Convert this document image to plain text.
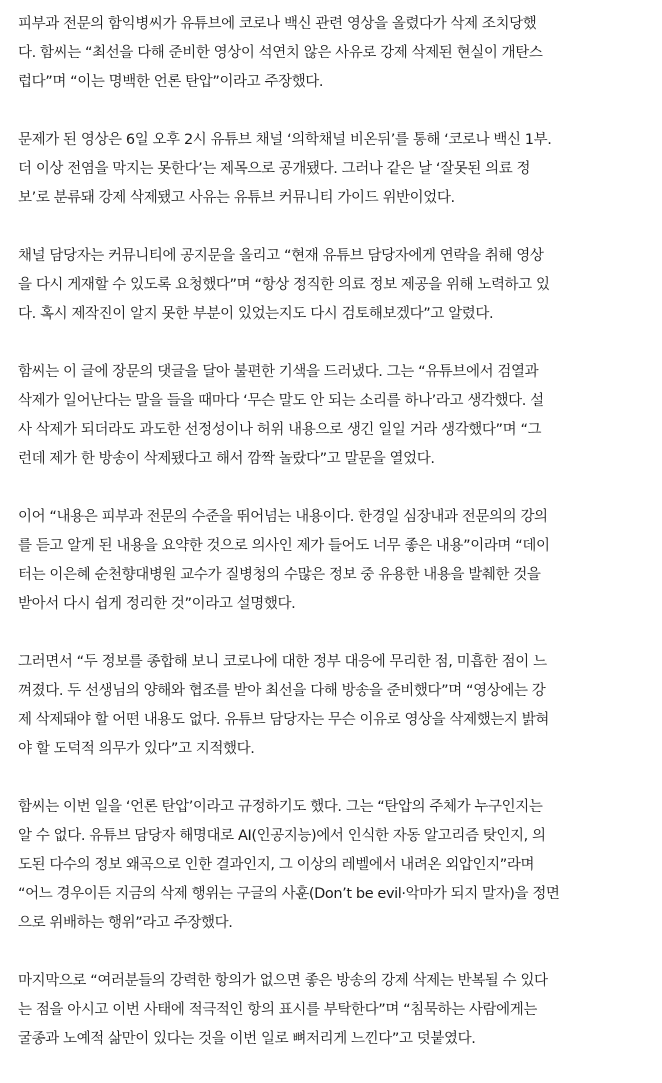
피부과 전문의 함익병씨가 유튜브에 코로나 백신 관련 영상을 올렸다가 삭제 조치당했
다. 함씨는 “최선을 다해 준비한 영상이 석연치 않은 사유로 강제 삭제된 현실이 개탄스
럽다”며 “이는 명백한 언론 탄압”이라고 주장했다.
문제가 된 영상은 6일 오후 2시 유튜브 채널 ‘의학채널 비온뒤’를 통해 ‘코로나 백신 1부.
더 이상 전염을 막지는 못한다’는 제목으로 공개됐다. 그러나 같은 날 ‘잘못된 의료 정
보’로 분류돼 강제 삭제됐고 사유는 유튜브 커뮤니티 가이드 위반이었다.
채널 담당자는 커뮤니티에 공지문을 올리고 “현재 유튜브 담당자에게 연락을 취해 영상
을 다시 게재할 수 있도록 요청했다”며 “항상 정직한 의료 정보 제공을 위해 노력하고 있
다. 혹시 제작진이 알지 못한 부분이 있었는지도 다시 검토해보겠다”고 알렸다.
함씨는 이 글에 장문의 댓글을 달아 불편한 기색을 드러냈다. 그는 “유튜브에서 검열과
삭제가 일어난다는 말을 들을 때마다 ‘무슨 말도 안 되는 소리를 하나’라고 생각했다. 설
사 삭제가 되더라도 과도한 선정성이나 허위 내용으로 생긴 일일 거라 생각했다”며 “그
런데 제가 한 방송이 삭제됐다고 해서 깜짝 놀랐다”고 말문을 열었다.
이어 “내용은 피부과 전문의 수준을 뛰어넘는 내용이다. 한경일 심장내과 전문의의 강의
를 듣고 알게 된 내용을 요약한 것으로 의사인 제가 들어도 너무 좋은 내용”이라며 “데이
터는 이은혜 순천향대병원 교수가 질병청의 수많은 정보 중 유용한 내용을 발췌한 것을
받아서 다시 쉽게 정리한 것”이라고 설명했다.
그러면서 “두 정보를 종합해 보니 코로나에 대한 정부 대응에 무리한 점, 미흡한 점이 느
껴졌다. 두 선생님의 양해와 협조를 받아 최선을 다해 방송을 준비했다”며 “영상에는 강
제 삭제돼야 할 어떤 내용도 없다. 유튜브 담당자는 무슨 이유로 영상을 삭제했는지 밝혀
야 할 도덕적 의무가 있다”고 지적했다.
함씨는 이번 일을 ‘언론 탄압’이라고 규정하기도 했다. 그는 “탄압의 주체가 누구인지는
알 수 없다. 유튜브 담당자 해명대로 AI(인공지능)에서 인식한 자동 알고리즘 탓인지, 의
도된 다수의 정보 왜곡으로 인한 결과인지, 그 이상의 레벨에서 내려온 외압인지”라며
“어느 경우이든 지금의 삭제 행위는 구글의 사훈(Don’t be evil·악마가 되지 말자)을 정면
으로 위배하는 행위”라고 주장했다.
마지막으로 “여러분들의 강력한 항의가 없으면 좋은 방송의 강제 삭제는 반복될 수 있다
는 점을 아시고 이번 사태에 적극적인 항의 표시를 부탁한다”며 “침묵하는 사람에게는
굴종과 노예적 삶만이 있다는 것을 이번 일로 뼈저리게 느낀다”고 덧붙였다.
